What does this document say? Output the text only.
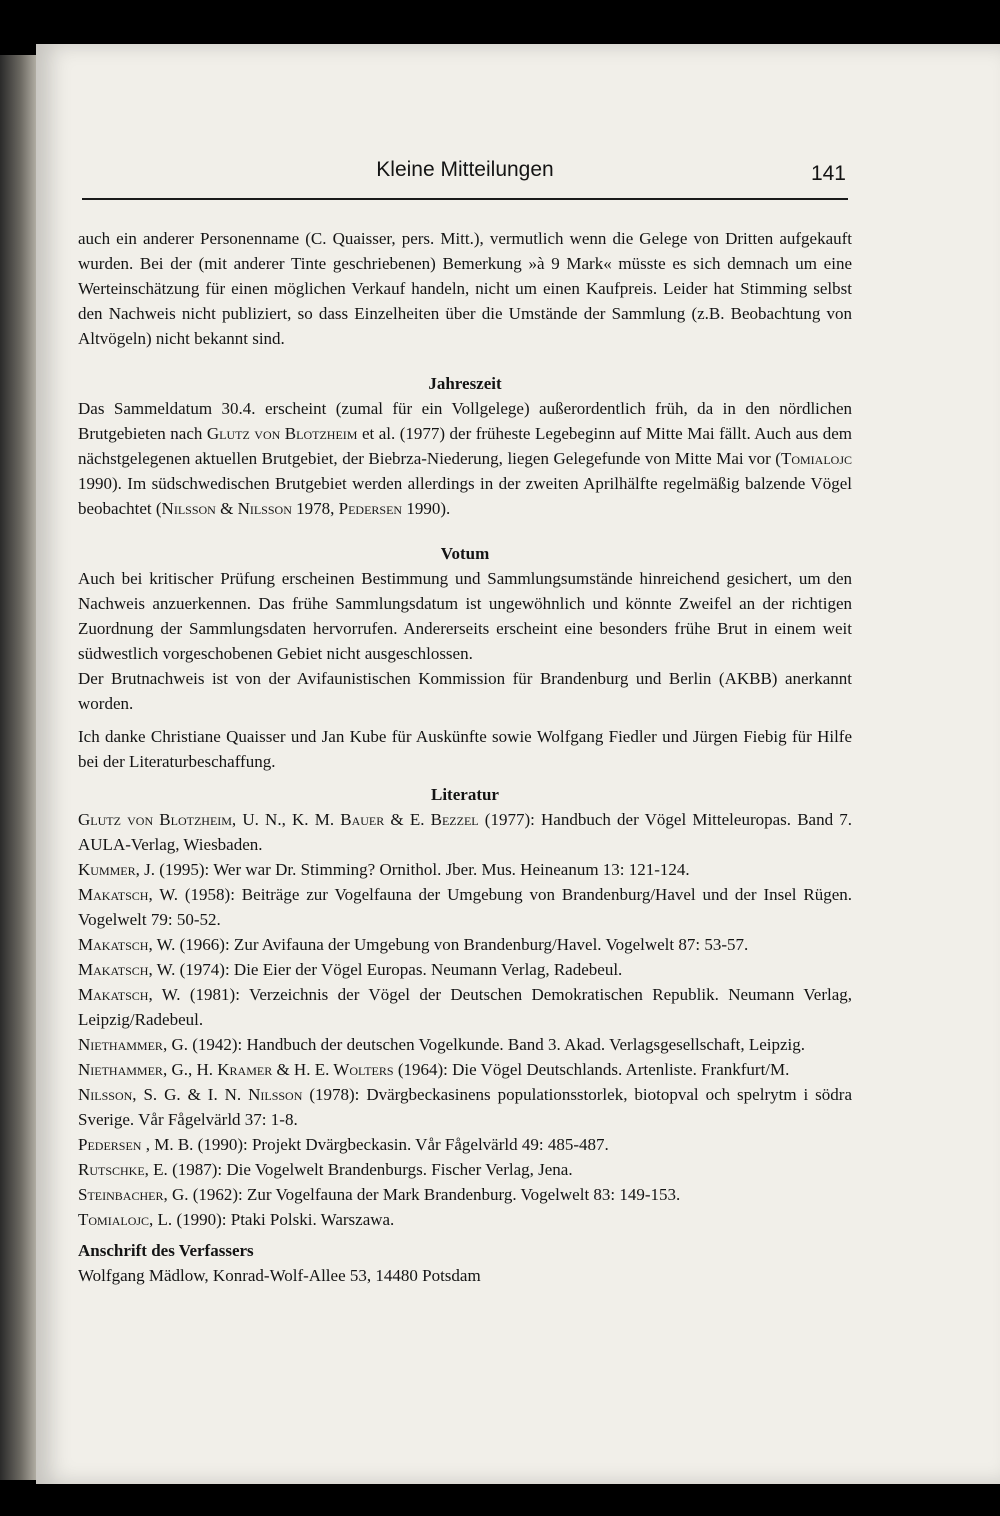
Kleine Mitteilungen	141

auch ein anderer Personenname (C. Quaisser, pers. Mitt.), vermutlich wenn die Gelege von Dritten aufgekauft wurden. Bei der (mit anderer Tinte geschriebenen) Bemerkung »à 9 Mark« müsste es sich demnach um eine Werteinschätzung für einen möglichen Verkauf handeln, nicht um einen Kaufpreis. Leider hat Stimming selbst den Nachweis nicht publiziert, so dass Einzelheiten über die Umstände der Sammlung (z.B. Beobachtung von Altvögeln) nicht bekannt sind.

Jahreszeit

Das Sammeldatum 30.4. erscheint (zumal für ein Vollgelege) außerordentlich früh, da in den nördlichen Brutgebieten nach Glutz von Blotzheim et al. (1977) der früheste Legebeginn auf Mitte Mai fällt. Auch aus dem nächstgelegenen aktuellen Brutgebiet, der Biebrza-Niederung, liegen Gelegefunde von Mitte Mai vor (Tomialojc 1990). Im südschwedischen Brutgebiet werden allerdings in der zweiten Aprilhälfte regelmäßig balzende Vögel beobachtet (Nilsson & Nilsson 1978, Pedersen 1990).

Votum

Auch bei kritischer Prüfung erscheinen Bestimmung und Sammlungsumstände hinreichend gesichert, um den Nachweis anzuerkennen. Das frühe Sammlungsdatum ist ungewöhnlich und könnte Zweifel an der richtigen Zuordnung der Sammlungsdaten hervorrufen. Andererseits erscheint eine besonders frühe Brut in einem weit südwestlich vorgeschobenen Gebiet nicht ausgeschlossen.

Der Brutnachweis ist von der Avifaunistischen Kommission für Brandenburg und Berlin (AKBB) anerkannt worden.

Ich danke Christiane Quaisser und Jan Kube für Auskünfte sowie Wolfgang Fiedler und Jürgen Fiebig für Hilfe bei der Literaturbeschaffung.

Literatur

Glutz von Blotzheim, U. N., K. M. Bauer & E. Bezzel (1977): Handbuch der Vögel Mitteleuropas. Band 7. AULA-Verlag, Wiesbaden.

Kummer, J. (1995): Wer war Dr. Stimming? Ornithol. Jber. Mus. Heineanum 13: 121-124.

Makatsch, W. (1958): Beiträge zur Vogelfauna der Umgebung von Brandenburg/Havel und der Insel Rügen. Vogelwelt 79: 50-52.

Makatsch, W. (1966): Zur Avifauna der Umgebung von Brandenburg/Havel. Vogelwelt 87: 53-57.

Makatsch, W. (1974): Die Eier der Vögel Europas. Neumann Verlag, Radebeul.

Makatsch, W. (1981): Verzeichnis der Vögel der Deutschen Demokratischen Republik. Neumann Verlag, Leipzig/Radebeul.

Niethammer, G. (1942): Handbuch der deutschen Vogelkunde. Band 3. Akad. Verlagsgesellschaft, Leipzig.

Niethammer, G., H. Kramer & H. E. Wolters (1964): Die Vögel Deutschlands. Artenliste. Frankfurt/M.

Nilsson, S. G. & I. N. Nilsson (1978): Dvärgbeckasinens populationsstorlek, biotopval och spelrytm i södra Sverige. Vår Fågelvärld 37: 1-8.

Pedersen , M. B. (1990): Projekt Dvärgbeckasin. Vår Fågelvärld 49: 485-487.

Rutschke, E. (1987): Die Vogelwelt Brandenburgs. Fischer Verlag, Jena.

Steinbacher, G. (1962): Zur Vogelfauna der Mark Brandenburg. Vogelwelt 83: 149-153.

Tomialojc, L. (1990): Ptaki Polski. Warszawa.

Anschrift des Verfassers

Wolfgang Mädlow, Konrad-Wolf-Allee 53, 14480 Potsdam
